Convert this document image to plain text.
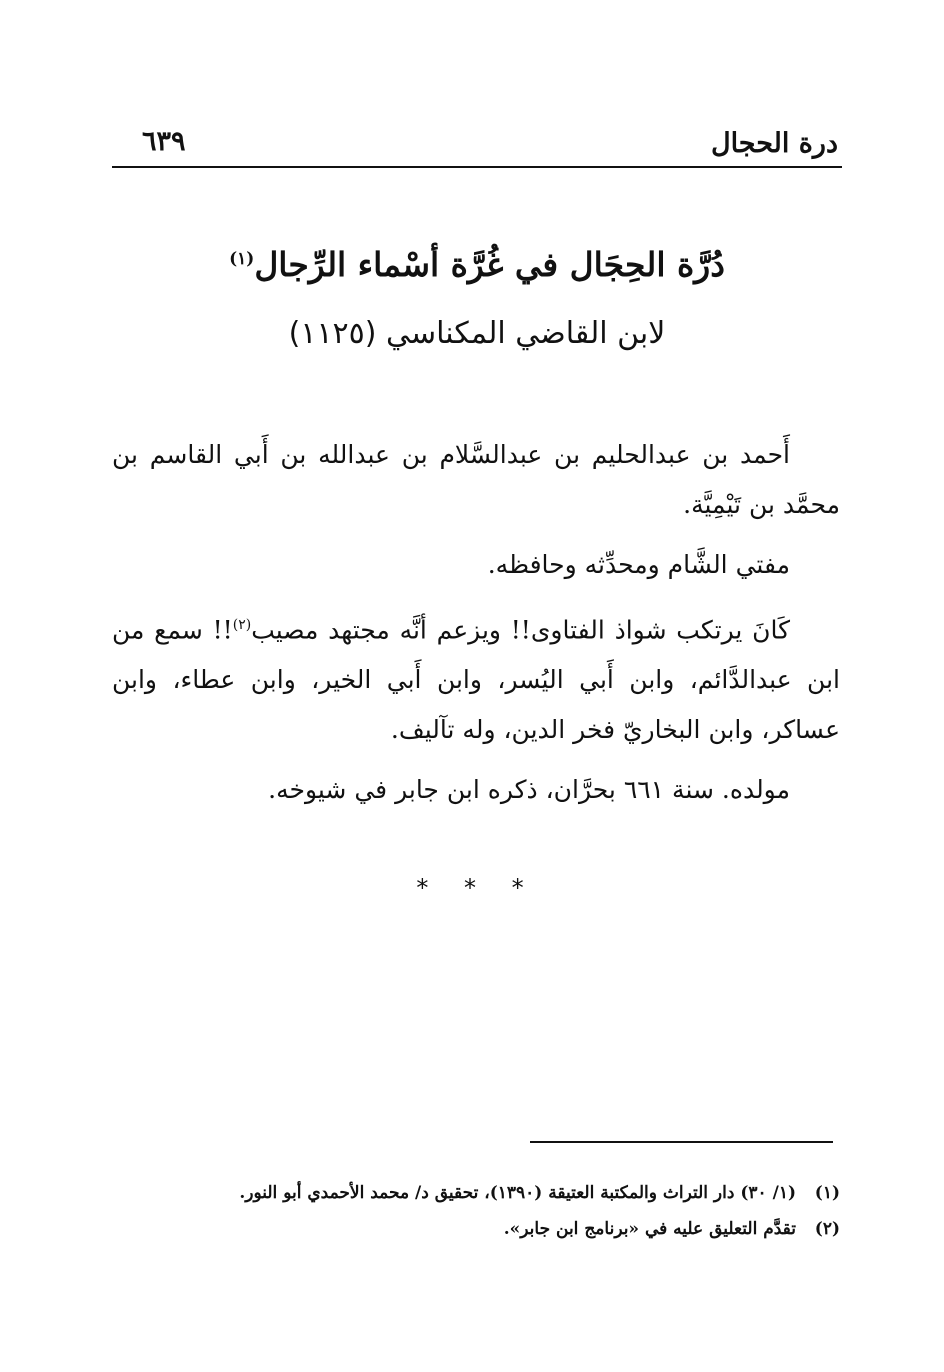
درة الحجال
٦٣٩
دُرَّة الحِجَال في غُرَّة أسْماء الرِّجال$^{(١)}$
لابن القاضي المكناسي (١١٢٥)

أَحمد بن عبدالحليم بن عبدالسَّلام بن عبدالله بن أَبي القاسم بن محمَّد بن تَيْمِيَّة.

مفتي الشَّام ومحدِّثه وحافظه.

كَانَ يرتكب شواذ الفتاوى!! ويزعم أنَّه مجتهد مصيب$^{(٢)}$!! سمع من ابن عبدالدَّائم، وابن أَبي اليُسر، وابن أَبي الخير، وابن عطاء، وابن عساكر، وابن البخاريّ فخر الدين، وله تآليف.

مولده. سنة ٦٦١ بحرَّان، ذكره ابن جابر في شيوخه.

* * *
(١)
(١/ ٣٠) دار التراث والمكتبة العتيقة (١٣٩٠)، تحقيق د/ محمد الأحمدي أبو النور.
(٢)
تقدَّم التعليق عليه في «برنامج ابن جابر».
